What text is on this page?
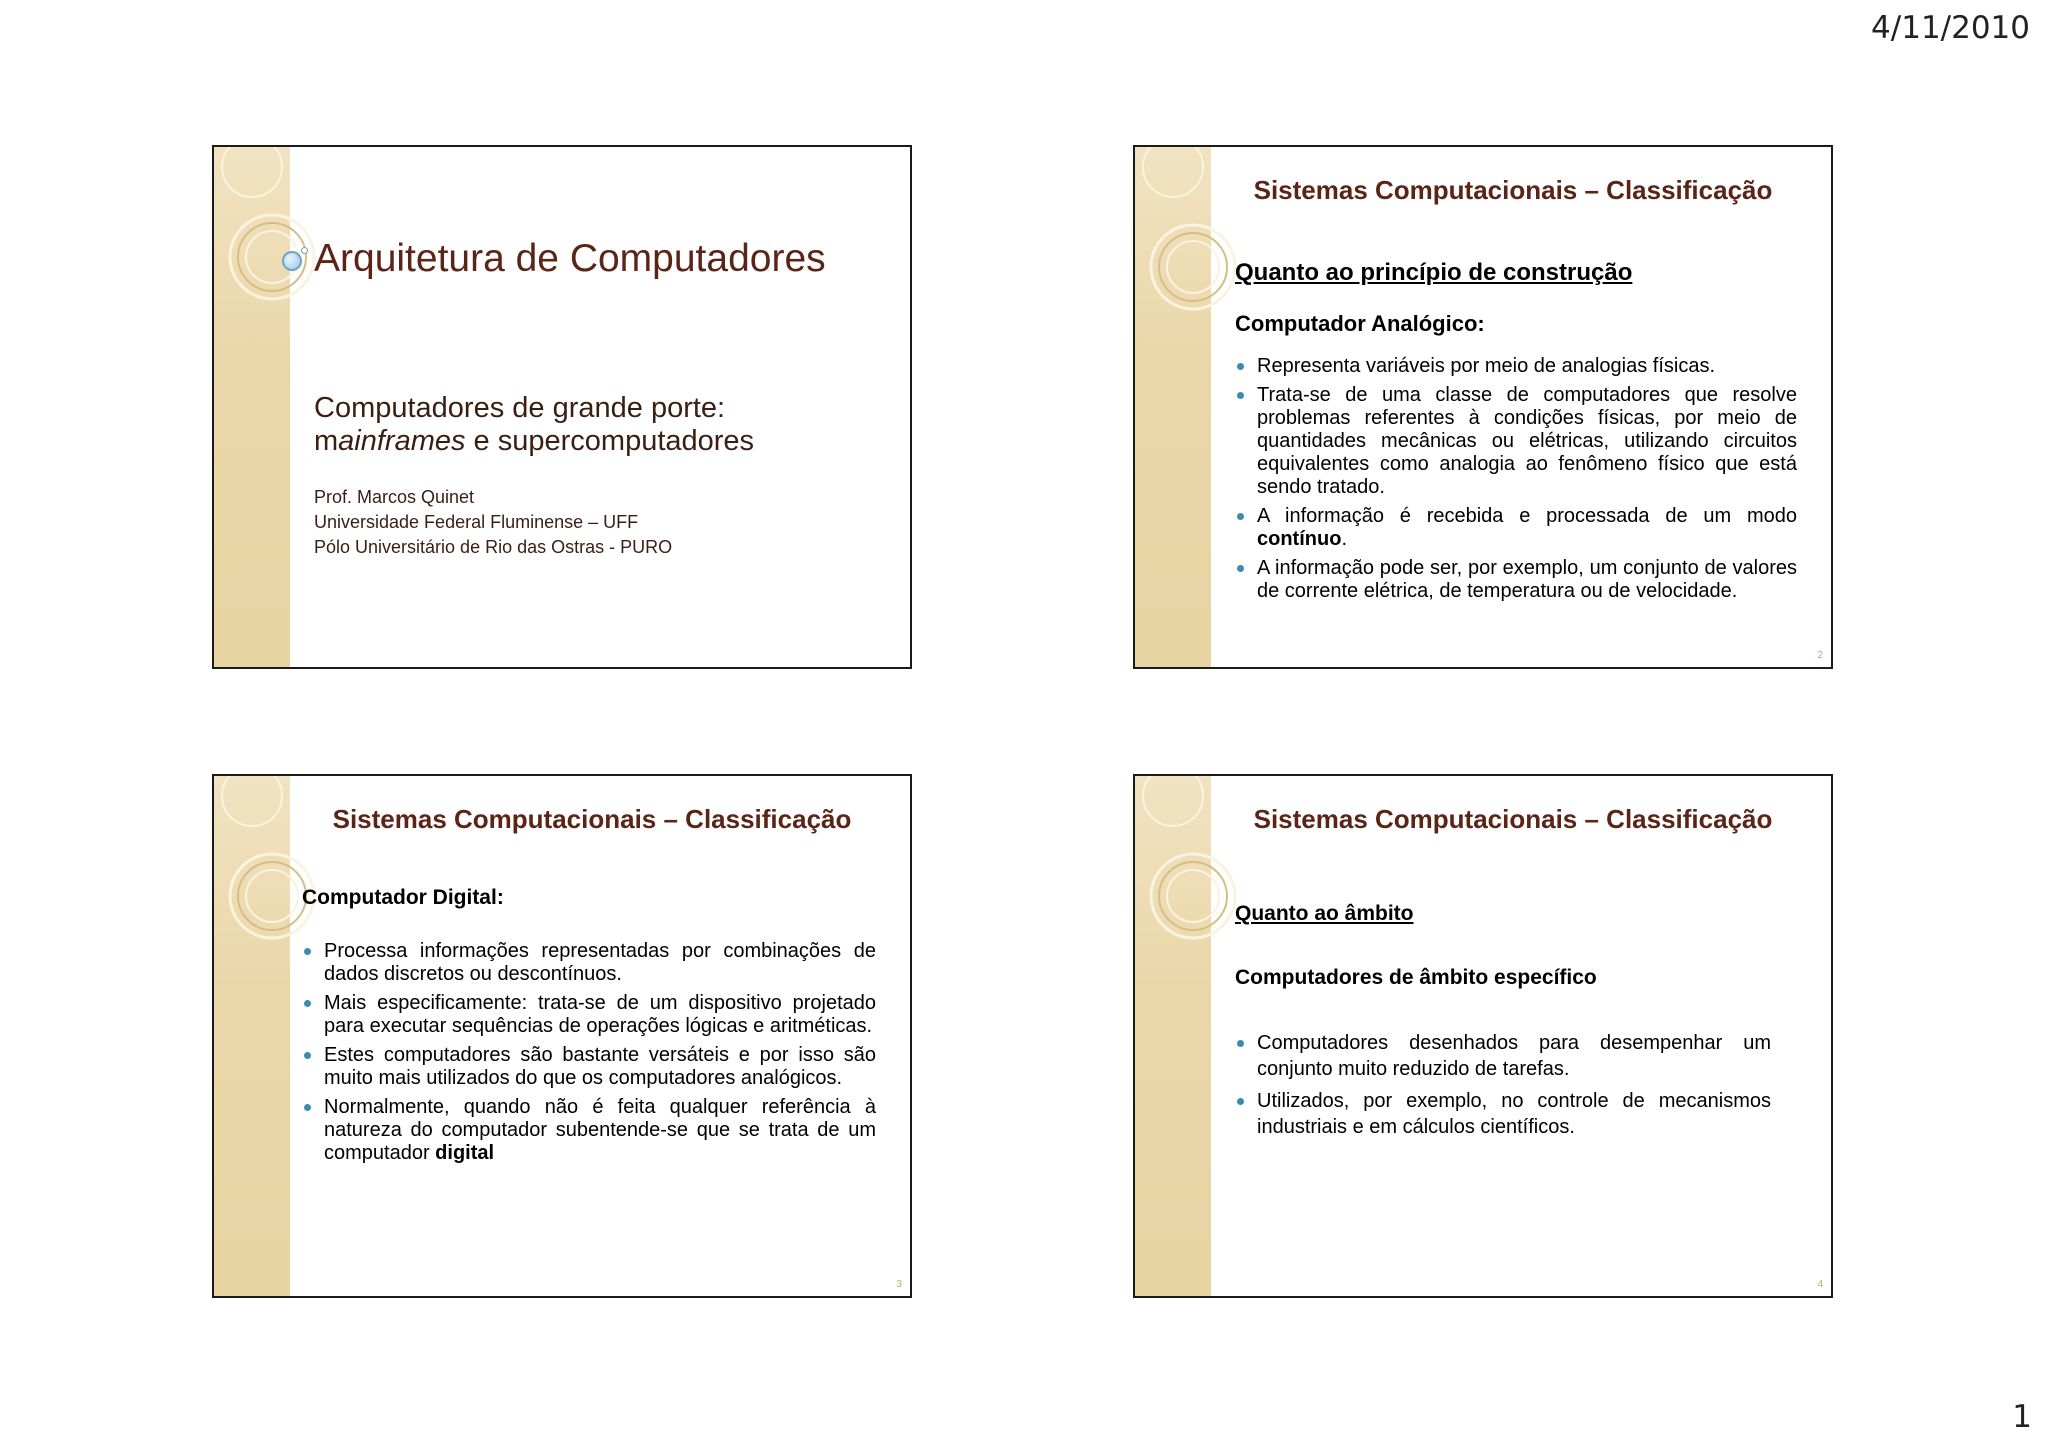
4/11/2010
Arquitetura de Computadores
Computadores de grande porte:
mainframes e supercomputadores
Prof. Marcos Quinet
Universidade Federal Fluminense – UFF
Pólo Universitário de Rio das Ostras - PURO
Sistemas Computacionais – Classificação
Quanto ao princípio de construção
Computador Analógico:
Representa variáveis por meio de analogias físicas.
Trata-se de uma classe de computadores que resolve problemas referentes à condições físicas, por meio de quantidades mecânicas ou elétricas, utilizando circuitos equivalentes como analogia ao fenômeno físico que está sendo tratado.
A informação é recebida e processada de um modo contínuo.
A informação pode ser, por exemplo, um conjunto de valores de corrente elétrica, de temperatura ou de velocidade.
2
Sistemas Computacionais – Classificação
Computador Digital:
Processa informações representadas por combinações de dados discretos ou descontínuos.
Mais especificamente: trata-se de um dispositivo projetado para executar sequências de operações lógicas e aritméticas.
Estes computadores são bastante versáteis e por isso são muito mais utilizados do que os computadores analógicos.
Normalmente, quando não é feita qualquer referência à natureza do computador subentende-se que se trata de um computador digital
3
Sistemas Computacionais – Classificação
Quanto ao âmbito
Computadores de âmbito específico
Computadores desenhados para desempenhar um conjunto muito reduzido de tarefas.
Utilizados, por exemplo, no controle de mecanismos industriais e em cálculos científicos.
4
1
